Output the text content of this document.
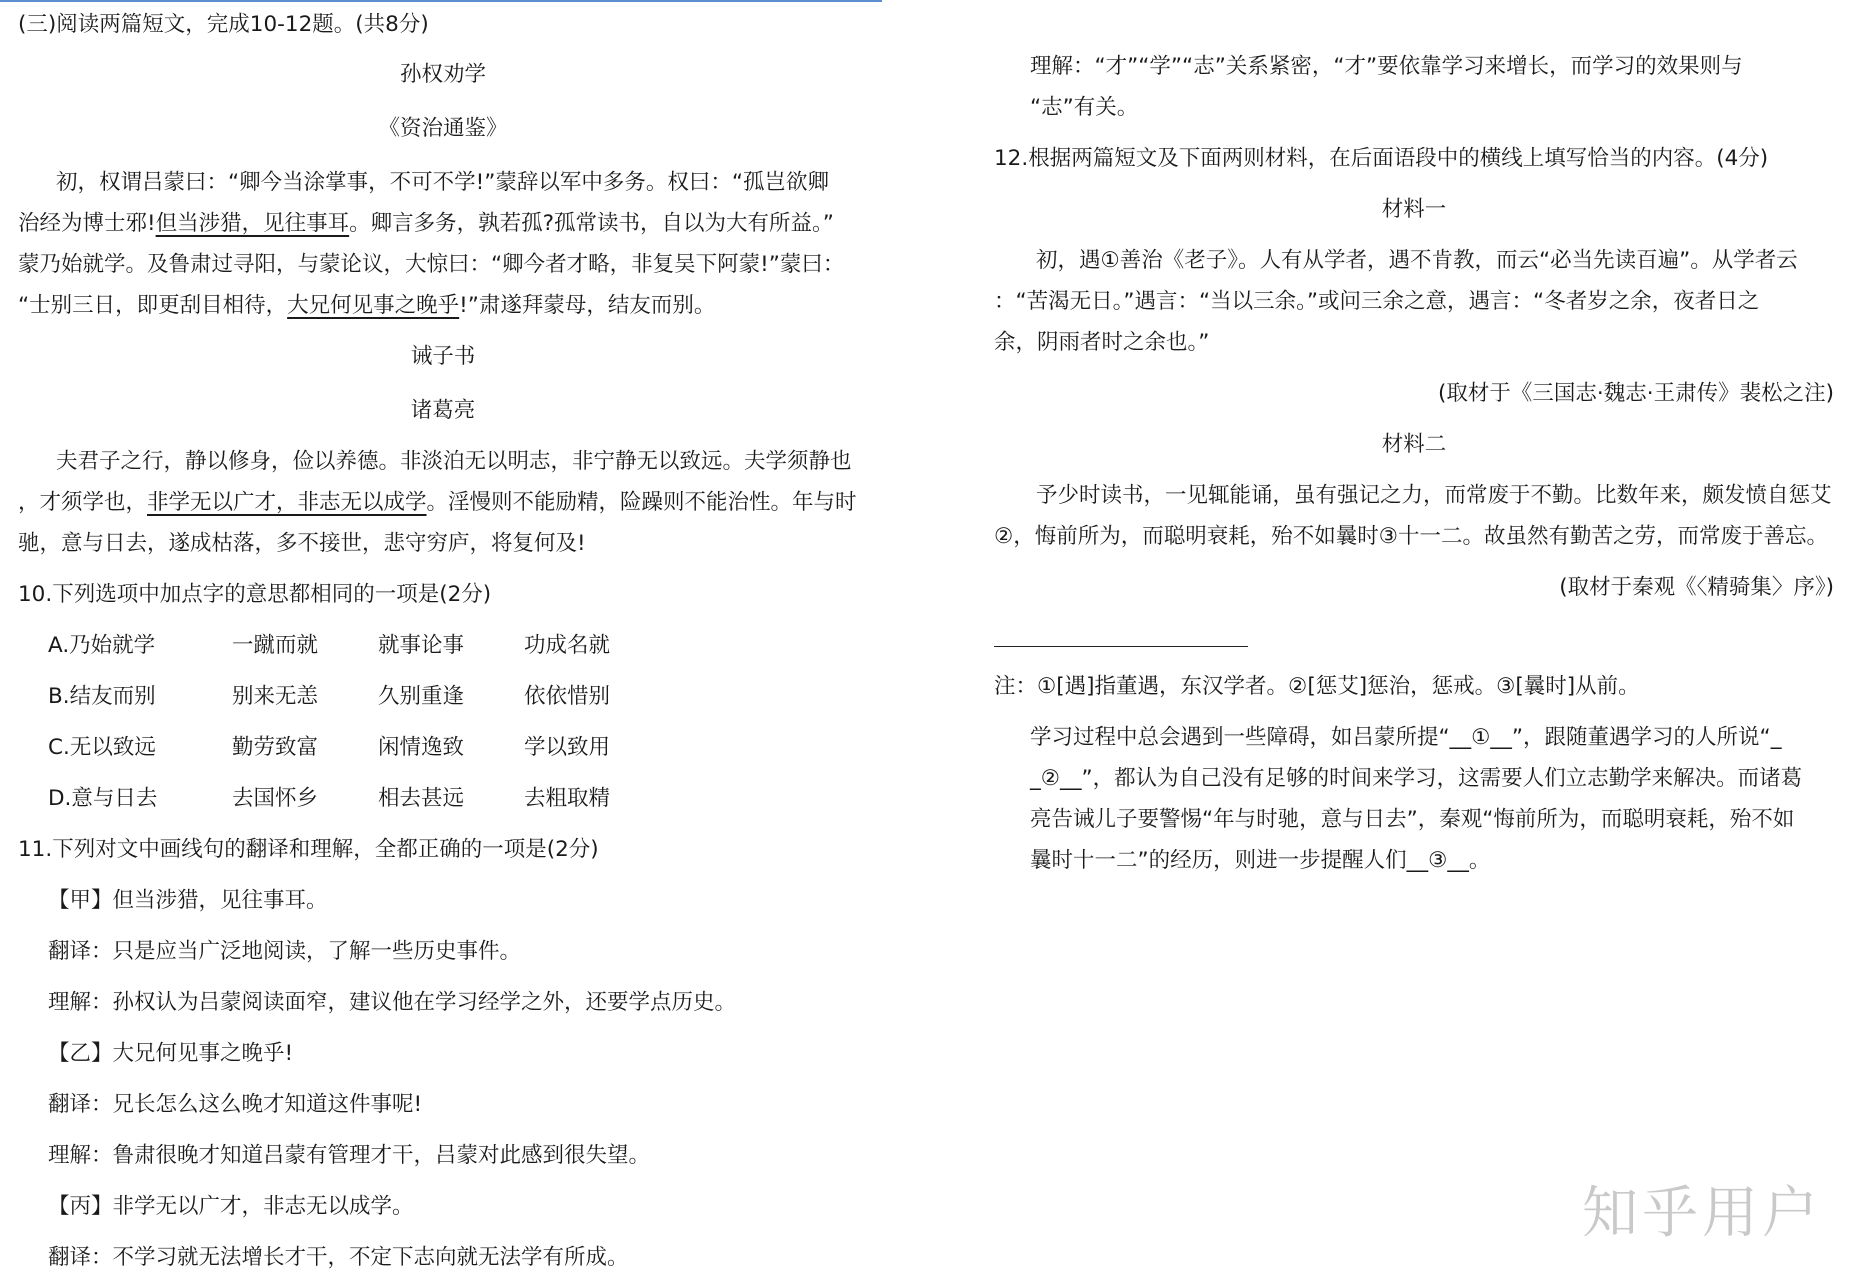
(三)阅读两篇短文，完成10-12题。(共8分)
孙权劝学
《资治通鉴》
初，权谓吕蒙曰：“卿今当涂掌事，不可不学!”蒙辞以军中多务。权曰：“孤岂欲卿
治经为博士邪!但当涉猎，见往事耳。卿言多务，孰若孤?孤常读书，自以为大有所益。”
蒙乃始就学。及鲁肃过寻阳，与蒙论议，大惊曰：“卿今者才略，非复吴下阿蒙!”蒙曰：
“士别三日，即更刮目相待，大兄何见事之晚乎!”肃遂拜蒙母，结友而别。
诫子书
诸葛亮
夫君子之行，静以修身，俭以养德。非淡泊无以明志，非宁静无以致远。夫学须静也
，才须学也，非学无以广才，非志无以成学。淫慢则不能励精，险躁则不能治性。年与时
驰，意与日去，遂成枯落，多不接世，悲守穷庐，将复何及!
10.下列选项中加点字的意思都相同的一项是(2分)
A.乃始就学	一蹴而就	就事论事	功成名就
B.结友而别	别来无恙	久别重逢	依依惜别
C.无以致远	勤劳致富	闲情逸致	学以致用
D.意与日去	去国怀乡	相去甚远	去粗取精
11.下列对文中画线句的翻译和理解，全都正确的一项是(2分)
【甲】但当涉猎，见往事耳。
翻译：只是应当广泛地阅读，了解一些历史事件。
理解：孙权认为吕蒙阅读面窄，建议他在学习经学之外，还要学点历史。
【乙】大兄何见事之晚乎!
翻译：兄长怎么这么晚才知道这件事呢!
理解：鲁肃很晚才知道吕蒙有管理才干，吕蒙对此感到很失望。
【丙】非学无以广才，非志无以成学。
翻译：不学习就无法增长才干，不定下志向就无法学有所成。
理解：“才”“学”“志”关系紧密，“才”要依靠学习来增长，而学习的效果则与
“志”有关。
12.根据两篇短文及下面两则材料，在后面语段中的横线上填写恰当的内容。(4分)
材料一
初，遇①善治《老子》。人有从学者，遇不肯教，而云“必当先读百遍”。从学者云
：“苦渴无日。”遇言：“当以三余。”或问三余之意，遇言：“冬者岁之余，夜者日之
余，阴雨者时之余也。”
(取材于《三国志·魏志·王肃传》裴松之注)
材料二
予少时读书，一见辄能诵，虽有强记之力，而常废于不勤。比数年来，颇发愤自惩艾
②，悔前所为，而聪明衰耗，殆不如曩时③十一二。故虽然有勤苦之劳，而常废于善忘。
(取材于秦观《〈精骑集〉序》)
注：①[遇]指董遇，东汉学者。②[惩艾]惩治，惩戒。③[曩时]从前。
学习过程中总会遇到一些障碍，如吕蒙所提“__①__”，跟随董遇学习的人所说“_
_②__”，都认为自己没有足够的时间来学习，这需要人们立志勤学来解决。而诸葛
亮告诫儿子要警惕“年与时驰，意与日去”，秦观“悔前所为，而聪明衰耗，殆不如
曩时十一二”的经历，则进一步提醒人们__③__。
知乎用户
